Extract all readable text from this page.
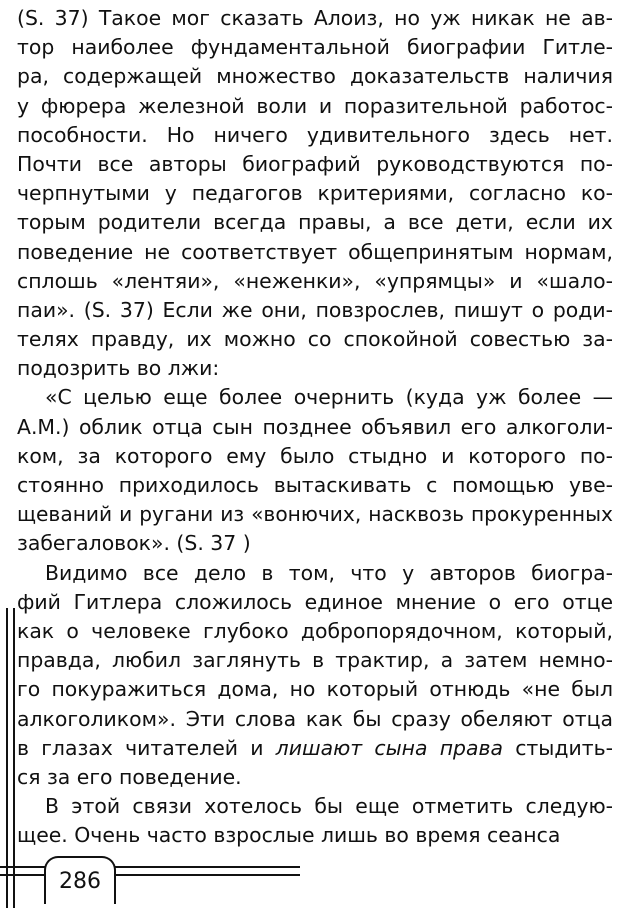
(S. 37) Такое мог сказать Алоиз, но уж никак не ав-
тор наиболее фундаментальной биографии Гитле-
ра, содержащей множество доказательств наличия
у фюрера железной воли и поразительной работос-
пособности. Но ничего удивительного здесь нет.
Почти все авторы биографий руководствуются по-
черпнутыми у педагогов критериями, согласно ко-
торым родители всегда правы, а все дети, если их
поведение не соответствует общепринятым нормам,
сплошь «лентяи», «неженки», «упрямцы» и «шало-
паи». (S. 37) Если же они, повзрослев, пишут о роди-
телях правду, их можно со спокойной совестью за-
подозрить во лжи:
«С целью еще более очернить (куда уж более —
А.М.) облик отца сын позднее объявил его алкоголи-
ком, за которого ему было стыдно и которого по-
стоянно приходилось вытаскивать с помощью уве-
щеваний и ругани из «вонючих, насквозь прокуренных
забегаловок». (S. 37 )
Видимо все дело в том, что у авторов биогра-
фий Гитлера сложилось единое мнение о его отце
как о человеке глубоко добропорядочном, который,
правда, любил заглянуть в трактир, а затем немно-
го покуражиться дома, но который отнюдь «не был
алкоголиком». Эти слова как бы сразу обеляют отца
в глазах читателей и лишают сына права стыдить-
ся за его поведение.
В этой связи хотелось бы еще отметить следую-
щее. Очень часто взрослые лишь во время сеанса
286
